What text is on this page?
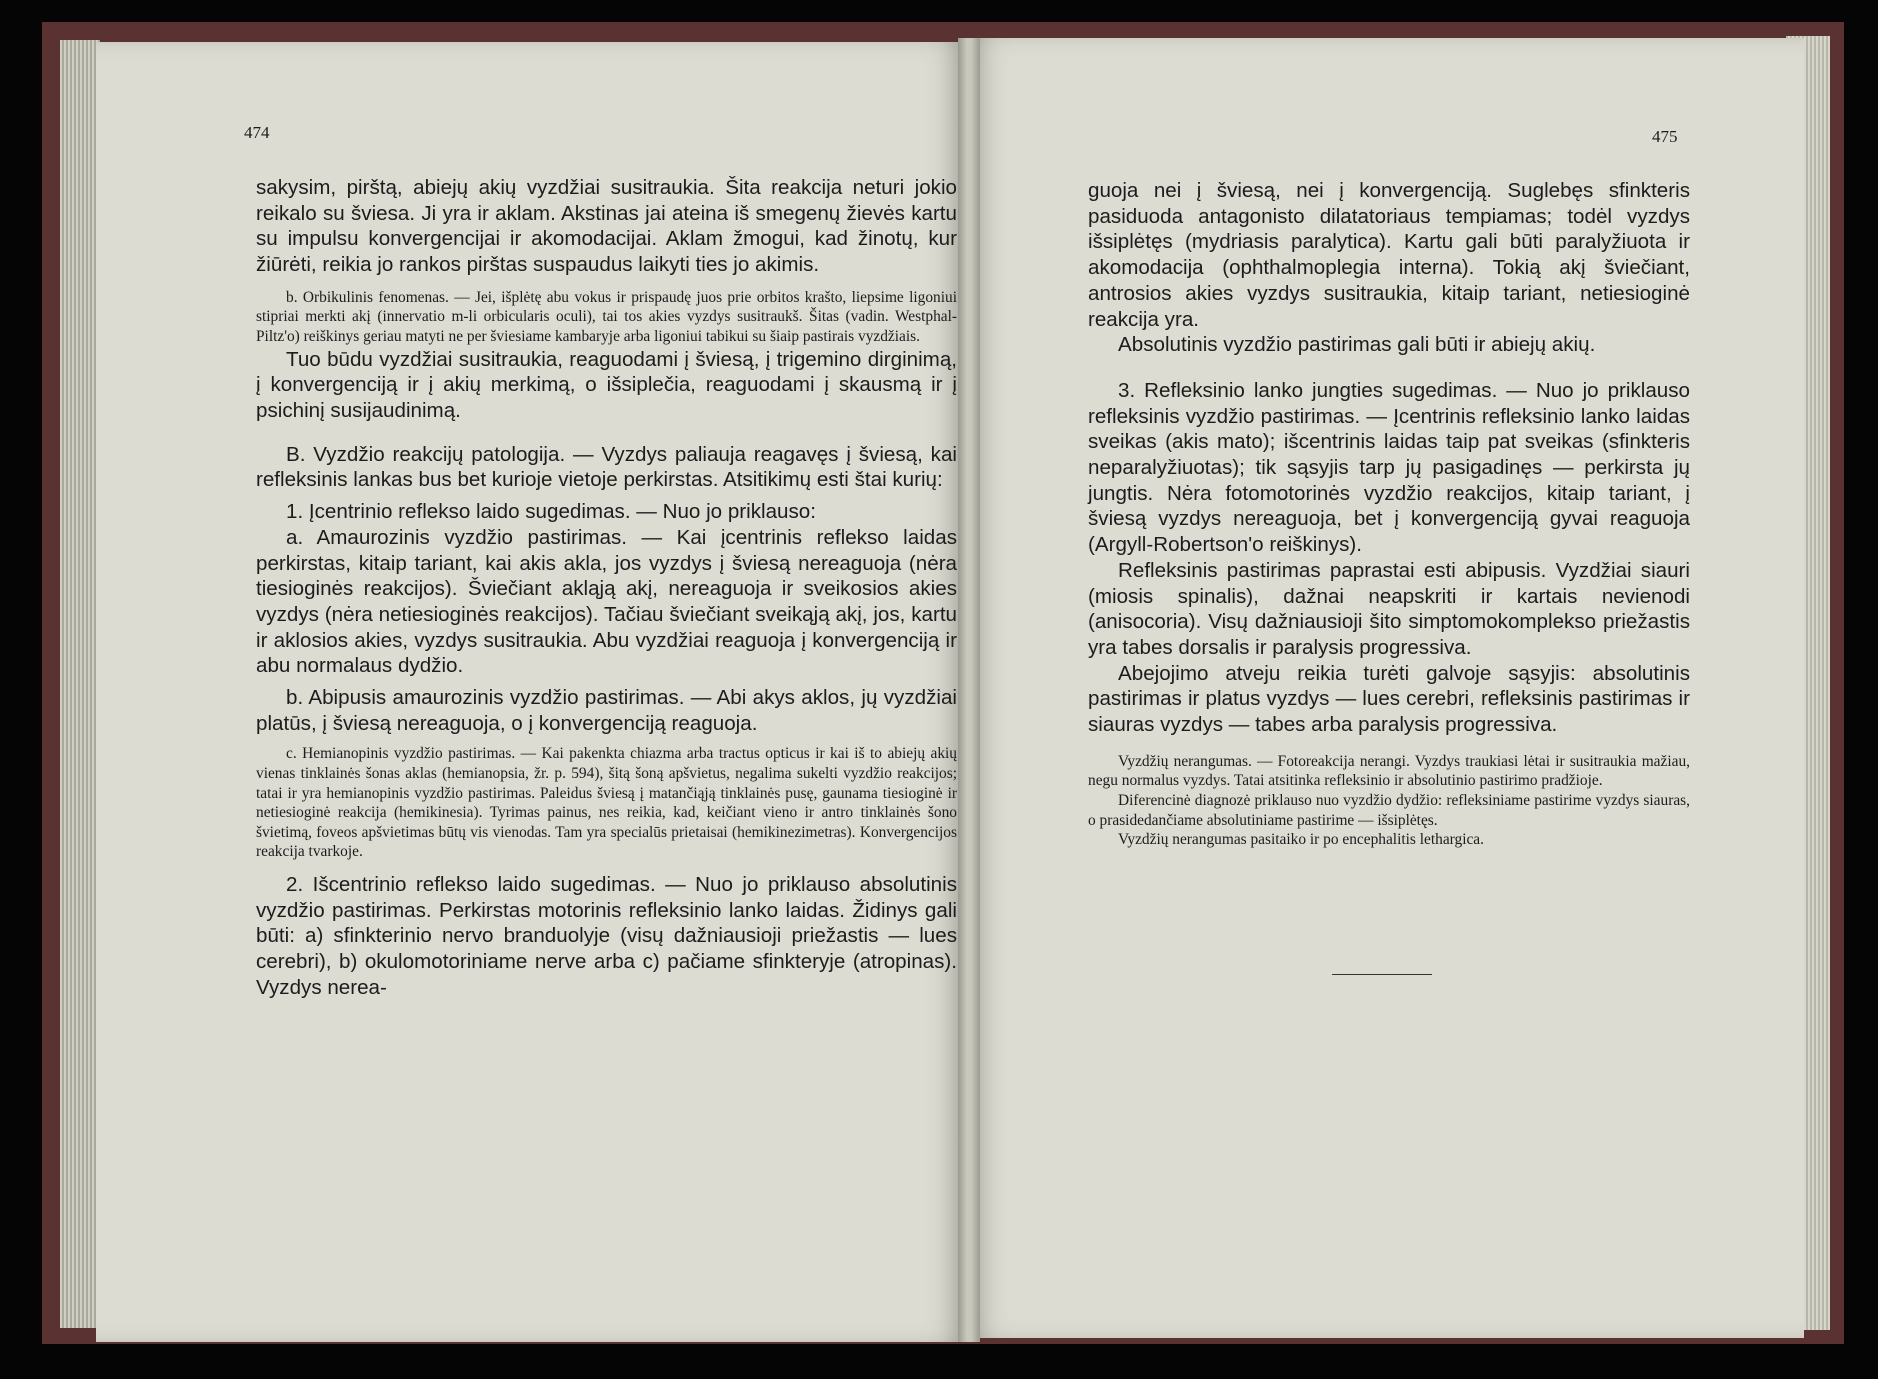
474

sakysim, pirštą, abiejų akių vyzdžiai susitraukia. Šita reakcija neturi jokio reikalo su šviesa. Ji yra ir aklam. Akstinas jai ateina iš smegenų žievės kartu su impulsu konvergencijai ir akomodacijai. Aklam žmogui, kad žinotų, kur žiūrėti, reikia jo rankos pirštas suspaudus laikyti ties jo akimis.

b. Orbikulinis fenomenas. — Jei, išplėtę abu vokus ir prispaudę juos prie orbitos krašto, liepsime ligoniui stipriai merkti akį (innervatio m-li orbicularis oculi), tai tos akies vyzdys susitraukš. Šitas (vadin. Westphal-Piltz'o) reiškinys geriau matyti ne per šviesiame kambaryje arba ligoniui tabikui su šiaip pastirais vyzdžiais.

Tuo būdu vyzdžiai susitraukia, reaguodami į šviesą, į trigemino dirginimą, į konvergenciją ir į akių merkimą, o išsiplečia, reaguodami į skausmą ir į psichinį susijaudinimą.

B. Vyzdžio reakcijų patologija. — Vyzdys paliauja reagavęs į šviesą, kai refleksinis lankas bus bet kurioje vietoje perkirstas. Atsitikimų esti štai kurių:

1. Įcentrinio reflekso laido sugedimas. — Nuo jo priklauso:

a. Amaurozinis vyzdžio pastirimas. — Kai įcentrinis reflekso laidas perkirstas, kitaip tariant, kai akis akla, jos vyzdys į šviesą nereaguoja (nėra tiesioginės reakcijos). Šviečiant akląją akį, nereaguoja ir sveikosios akies vyzdys (nėra netiesioginės reakcijos). Tačiau šviečiant sveikąją akį, jos, kartu ir aklosios akies, vyzdys susitraukia. Abu vyzdžiai reaguoja į konvergenciją ir abu normalaus dydžio.

b. Abipusis amaurozinis vyzdžio pastirimas. — Abi akys aklos, jų vyzdžiai platūs, į šviesą nereaguoja, o į konvergenciją reaguoja.

c. Hemianopinis vyzdžio pastirimas. — Kai pakenkta chiazma arba tractus opticus ir kai iš to abiejų akių vienas tinklainės šonas aklas (hemianopsia, žr. p. 594), šitą šoną apšvietus, negalima sukelti vyzdžio reakcijos; tatai ir yra hemianopinis vyzdžio pastirimas. Paleidus šviesą į matančiąją tinklainės pusę, gaunama tiesioginė ir netiesioginė reakcija (hemikinesia). Tyrimas painus, nes reikia, kad, keičiant vieno ir antro tinklainės šono švietimą, foveos apšvietimas būtų vis vienodas. Tam yra specialūs prietaisai (hemikinezimetras). Konvergencijos reakcija tvarkoje.

2. Išcentrinio reflekso laido sugedimas. — Nuo jo priklauso absolutinis vyzdžio pastirimas. Perkirstas motorinis refleksinio lanko laidas. Židinys gali būti: a) sfinkterinio nervo branduolyje (visų dažniausioji priežastis — lues cerebri), b) okulomotoriniame nerve arba c) pačiame sfinkteryje (atropinas). Vyzdys nerea-

475

guoja nei į šviesą, nei į konvergenciją. Suglebęs sfinkteris pasiduoda antagonisto dilatatoriaus tempiamas; todėl vyzdys išsiplėtęs (mydriasis paralytica). Kartu gali būti paralyžiuota ir akomodacija (ophthalmoplegia interna). Tokią akį šviečiant, antrosios akies vyzdys susitraukia, kitaip tariant, netiesioginė reakcija yra.

Absolutinis vyzdžio pastirimas gali būti ir abiejų akių.

3. Refleksinio lanko jungties sugedimas. — Nuo jo priklauso refleksinis vyzdžio pastirimas. — Įcentrinis refleksinio lanko laidas sveikas (akis mato); išcentrinis laidas taip pat sveikas (sfinkteris neparalyžiuotas); tik sąsyjis tarp jų pasigadinęs — perkirsta jų jungtis. Nėra fotomotorinės vyzdžio reakcijos, kitaip tariant, į šviesą vyzdys nereaguoja, bet į konvergenciją gyvai reaguoja (Argyll-Robertson'o reiškinys).

Refleksinis pastirimas paprastai esti abipusis. Vyzdžiai siauri (miosis spinalis), dažnai neapskriti ir kartais nevienodi (anisocoria). Visų dažniausioji šito simptomokomplekso priežastis yra tabes dorsalis ir paralysis progressiva.

Abejojimo atveju reikia turėti galvoje sąsyjis: absolutinis pastirimas ir platus vyzdys — lues cerebri, refleksinis pastirimas ir siauras vyzdys — tabes arba paralysis progressiva.

Vyzdžių nerangumas. — Fotoreakcija nerangi. Vyzdys traukiasi lėtai ir susitraukia mažiau, negu normalus vyzdys. Tatai atsitinka refleksinio ir absolutinio pastirimo pradžioje.

Diferencinė diagnozė priklauso nuo vyzdžio dydžio: refleksiniame pastirime vyzdys siauras, o prasidedančiame absolutiniame pastirime — išsiplėtęs.

Vyzdžių nerangumas pasitaiko ir po encephalitis lethargica.
